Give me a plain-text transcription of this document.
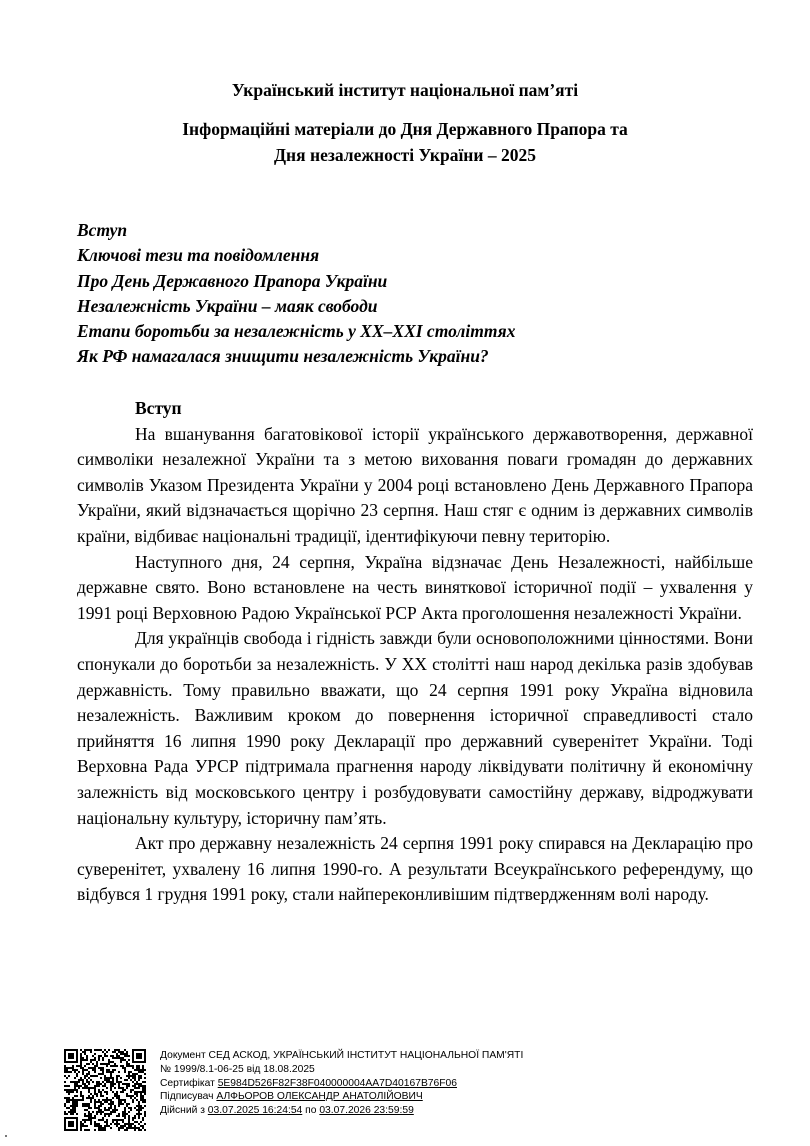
Український інститут національної пам’яті
Інформаційні матеріали до Дня Державного Прапора та
Дня незалежності України – 2025
Вступ
Ключові тези та повідомлення
Про День Державного Прапора України
Незалежність України – маяк свободи
Етапи боротьби за незалежність у ХХ–ХХІ століттях
Як РФ намагалася знищити незалежність України?
Вступ

На вшанування багатовікової історії українського державотворення, державної символіки незалежної України та з метою виховання поваги громадян до державних символів Указом Президента України у 2004 році встановлено День Державного Прапора України, який відзначається щорічно 23 серпня. Наш стяг є одним із державних символів країни, відбиває національні традиції, ідентифікуючи певну територію.

Наступного дня, 24 серпня, Україна відзначає День Незалежності, найбільше державне свято. Воно встановлене на честь виняткової історичної події – ухвалення у 1991 році Верховною Радою Української РСР Акта проголошення незалежності України.

Для українців свобода і гідність завжди були основоположними цінностями. Вони спонукали до боротьби за незалежність. У ХХ столітті наш народ декілька разів здобував державність. Тому правильно вважати, що 24 серпня 1991 року Україна відновила незалежність. Важливим кроком до повернення історичної справедливості стало прийняття 16 липня 1990 року Декларації про державний суверенітет України. Тоді Верховна Рада УРСР підтримала прагнення народу ліквідувати політичну й економічну залежність від московського центру і розбудовувати самостійну державу, відроджувати національну культуру, історичну пам’ять.

Акт про державну незалежність 24 серпня 1991 року спирався на Декларацію про суверенітет, ухвалену 16 липня 1990-го. А результати Всеукраїнського референдуму, що відбувся 1 грудня 1991 року, стали найпереконливішим підтвердженням волі народу.

Документ СЕД АСКОД, УКРАЇНСЬКИЙ ІНСТИТУТ НАЦІОНАЛЬНОЇ ПАМ'ЯТІ
№ 1999/8.1-06-25 від 18.08.2025
Сертифікат 5E984D526F82F38F040000004AA7D40167B76F06
Підписувач АЛФЬОРОВ ОЛЕКСАНДР АНАТОЛІЙОВИЧ
Дійсний з 03.07.2025 16:24:54 по 03.07.2026 23:59:59
